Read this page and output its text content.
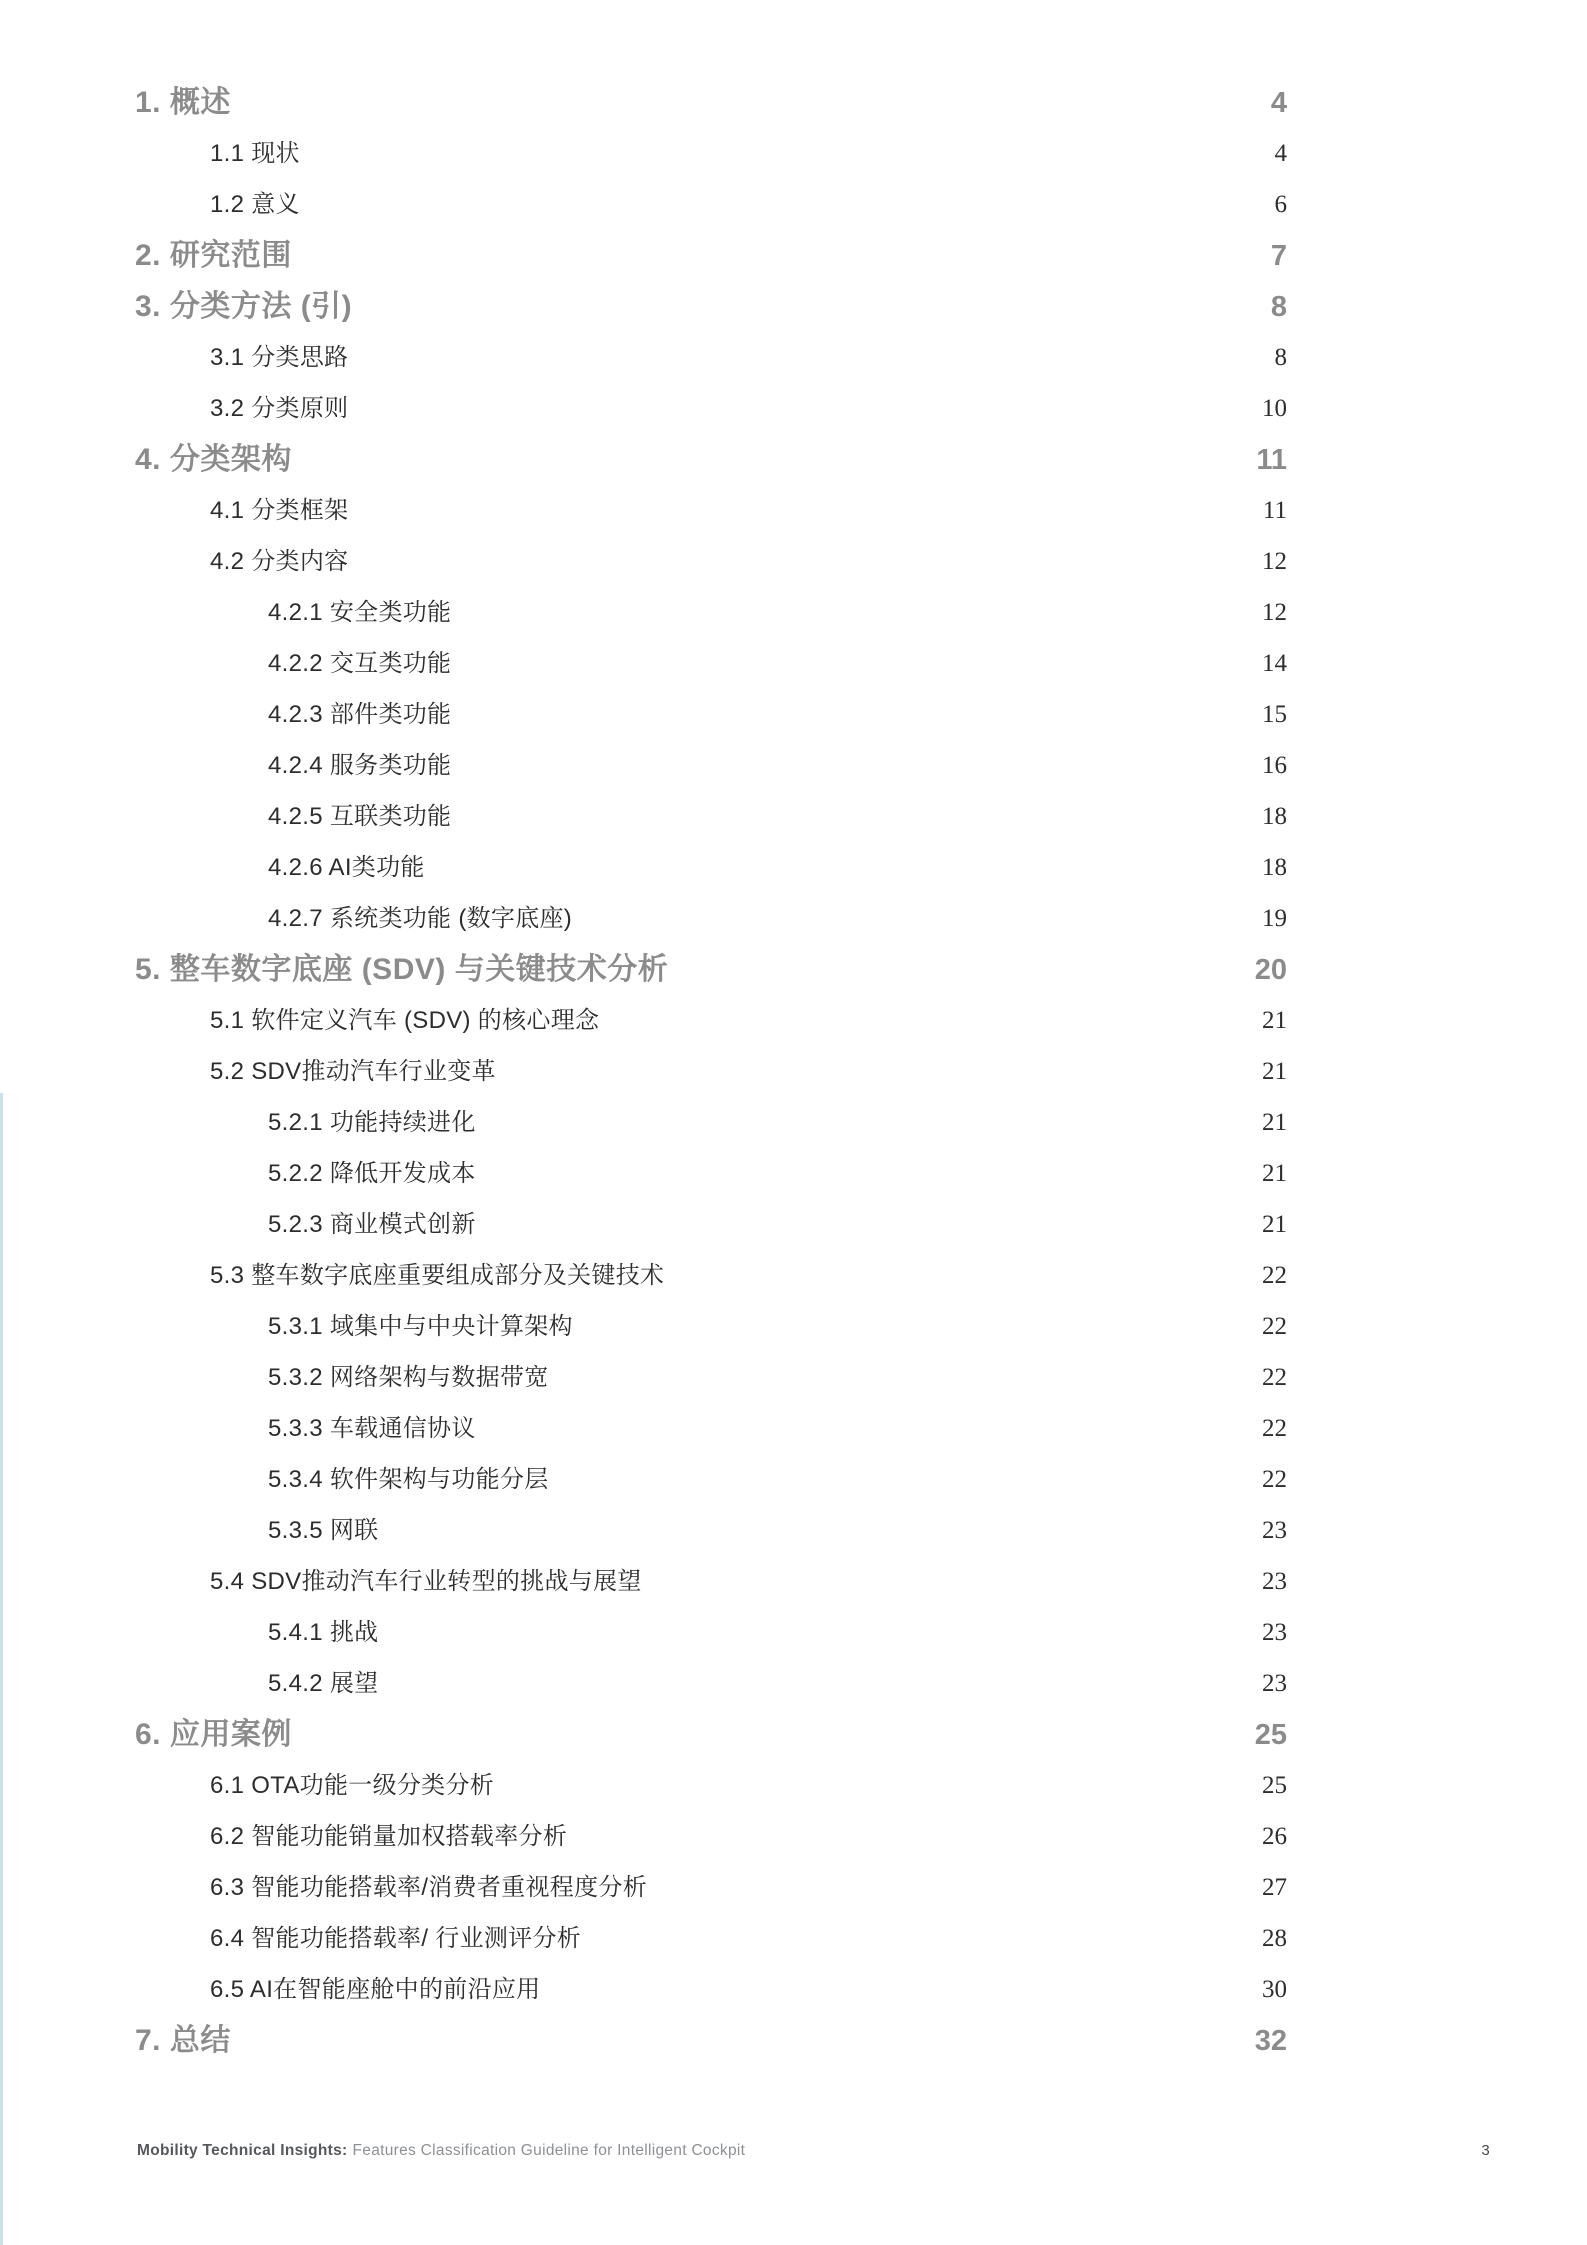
1. 概述	4
1.1 现状	4
1.2 意义	6
2. 研究范围	7
3. 分类方法 (引)	8
3.1 分类思路	8
3.2 分类原则	10
4. 分类架构	11
4.1 分类框架	11
4.2 分类内容	12
4.2.1 安全类功能	12
4.2.2 交互类功能	14
4.2.3 部件类功能	15
4.2.4 服务类功能	16
4.2.5 互联类功能	18
4.2.6 AI类功能	18
4.2.7 系统类功能 (数字底座)	19
5. 整车数字底座 (SDV) 与关键技术分析	20
5.1 软件定义汽车 (SDV) 的核心理念	21
5.2 SDV推动汽车行业变革	21
5.2.1 功能持续进化	21
5.2.2 降低开发成本	21
5.2.3 商业模式创新	21
5.3 整车数字底座重要组成部分及关键技术	22
5.3.1 域集中与中央计算架构	22
5.3.2 网络架构与数据带宽	22
5.3.3 车载通信协议	22
5.3.4 软件架构与功能分层	22
5.3.5 网联	23
5.4 SDV推动汽车行业转型的挑战与展望	23
5.4.1 挑战	23
5.4.2 展望	23
6. 应用案例	25
6.1 OTA功能一级分类分析	25
6.2 智能功能销量加权搭载率分析	26
6.3 智能功能搭载率/消费者重视程度分析	27
6.4 智能功能搭载率/ 行业测评分析	28
6.5 AI在智能座舱中的前沿应用	30
7. 总结	32
Mobility Technical Insights: Features Classification Guideline for Intelligent Cockpit	3
